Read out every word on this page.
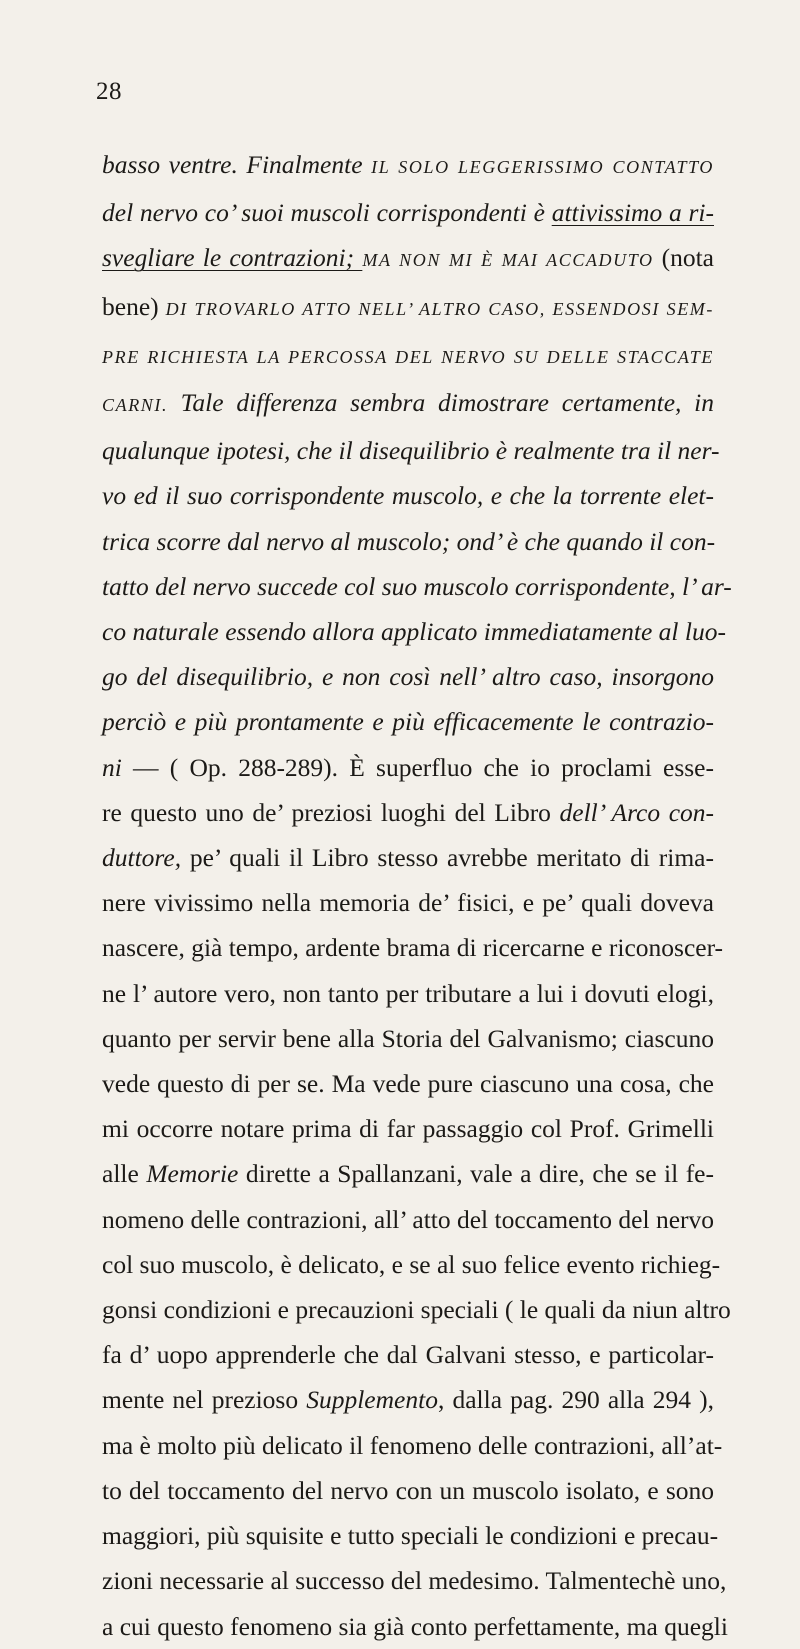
28
basso ventre. Finalmente IL SOLO LEGGERISSIMO CONTATTO
del nervo co’ suoi muscoli corrispondenti è attivissimo a ri-
svegliare le contrazioni; MA NON MI È MAI ACCADUTO (nota
bene) DI TROVARLO ATTO NELL’ ALTRO CASO, ESSENDOSI SEM-
PRE RICHIESTA LA PERCOSSA DEL NERVO SU DELLE STACCATE
CARNI. Tale differenza sembra dimostrare certamente, in
qualunque ipotesi, che il disequilibrio è realmente tra il ner-
vo ed il suo corrispondente muscolo, e che la torrente elet-
trica scorre dal nervo al muscolo; ond’ è che quando il con-
tatto del nervo succede col suo muscolo corrispondente, l’ ar-
co naturale essendo allora applicato immediatamente al luo-
go del disequilibrio, e non così nell’ altro caso, insorgono
perciò e più prontamente e più efficacemente le contrazio-
ni — ( Op. 288-289). È superfluo che io proclami esse-
re questo uno de’ preziosi luoghi del Libro dell’ Arco con-
duttore, pe’ quali il Libro stesso avrebbe meritato di rima-
nere vivissimo nella memoria de’ fisici, e pe’ quali doveva
nascere, già tempo, ardente brama di ricercarne e riconoscer-
ne l’ autore vero, non tanto per tributare a lui i dovuti elogi,
quanto per servir bene alla Storia del Galvanismo; ciascuno
vede questo di per se. Ma vede pure ciascuno una cosa, che
mi occorre notare prima di far passaggio col Prof. Grimelli
alle Memorie dirette a Spallanzani, vale a dire, che se il fe-
nomeno delle contrazioni, all’ atto del toccamento del nervo
col suo muscolo, è delicato, e se al suo felice evento richieg-
gonsi condizioni e precauzioni speciali ( le quali da niun altro
fa d’ uopo apprenderle che dal Galvani stesso, e particolar-
mente nel prezioso Supplemento, dalla pag. 290 alla 294 ),
ma è molto più delicato il fenomeno delle contrazioni, all’at-
to del toccamento del nervo con un muscolo isolato, e sono
maggiori, più squisite e tutto speciali le condizioni e precau-
zioni necessarie al successo del medesimo. Talmentechè uno,
a cui questo fenomeno sia già conto perfettamente, ma quegli
